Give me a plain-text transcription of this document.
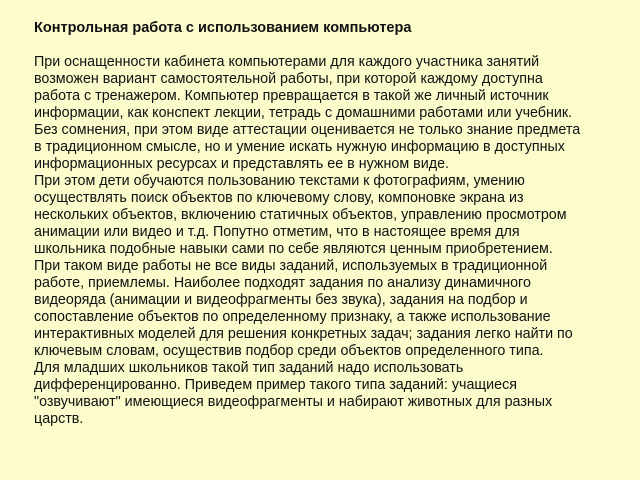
Контрольная работа с использованием компьютера
При оснащенности кабинета компьютерами для каждого участника занятий
возможен вариант самостоятельной работы, при которой каждому доступна
работа с тренажером. Компьютер превращается в такой же личный источник
информации, как конспект лекции, тетрадь с домашними работами или учебник.
Без сомнения, при этом виде аттестации оценивается не только знание предмета
в традиционном смысле, но и умение искать нужную информацию в доступных
информационных ресурсах и представлять ее в нужном виде.
При этом дети обучаются пользованию текстами к фотографиям, умению
осуществлять поиск объектов по ключевому слову, компоновке экрана из
нескольких объектов, включению статичных объектов, управлению просмотром
анимации или видео и т.д. Попутно отметим, что в настоящее время для
школьника подобные навыки сами по себе являются ценным приобретением.
При таком виде работы не все виды заданий, используемых в традиционной
работе, приемлемы. Наиболее подходят задания по анализу динамичного
видеоряда (анимации и видеофрагменты без звука), задания на подбор и
сопоставление объектов по определенному признаку, а также использование
интерактивных моделей для решения конкретных задач; задания легко найти по
ключевым словам, осуществив подбор среди объектов определенного типа.
Для младших школьников такой тип заданий надо использовать
дифференцированно. Приведем пример такого типа заданий: учащиеся
"озвучивают" имеющиеся видеофрагменты и набирают животных для разных
царств.
